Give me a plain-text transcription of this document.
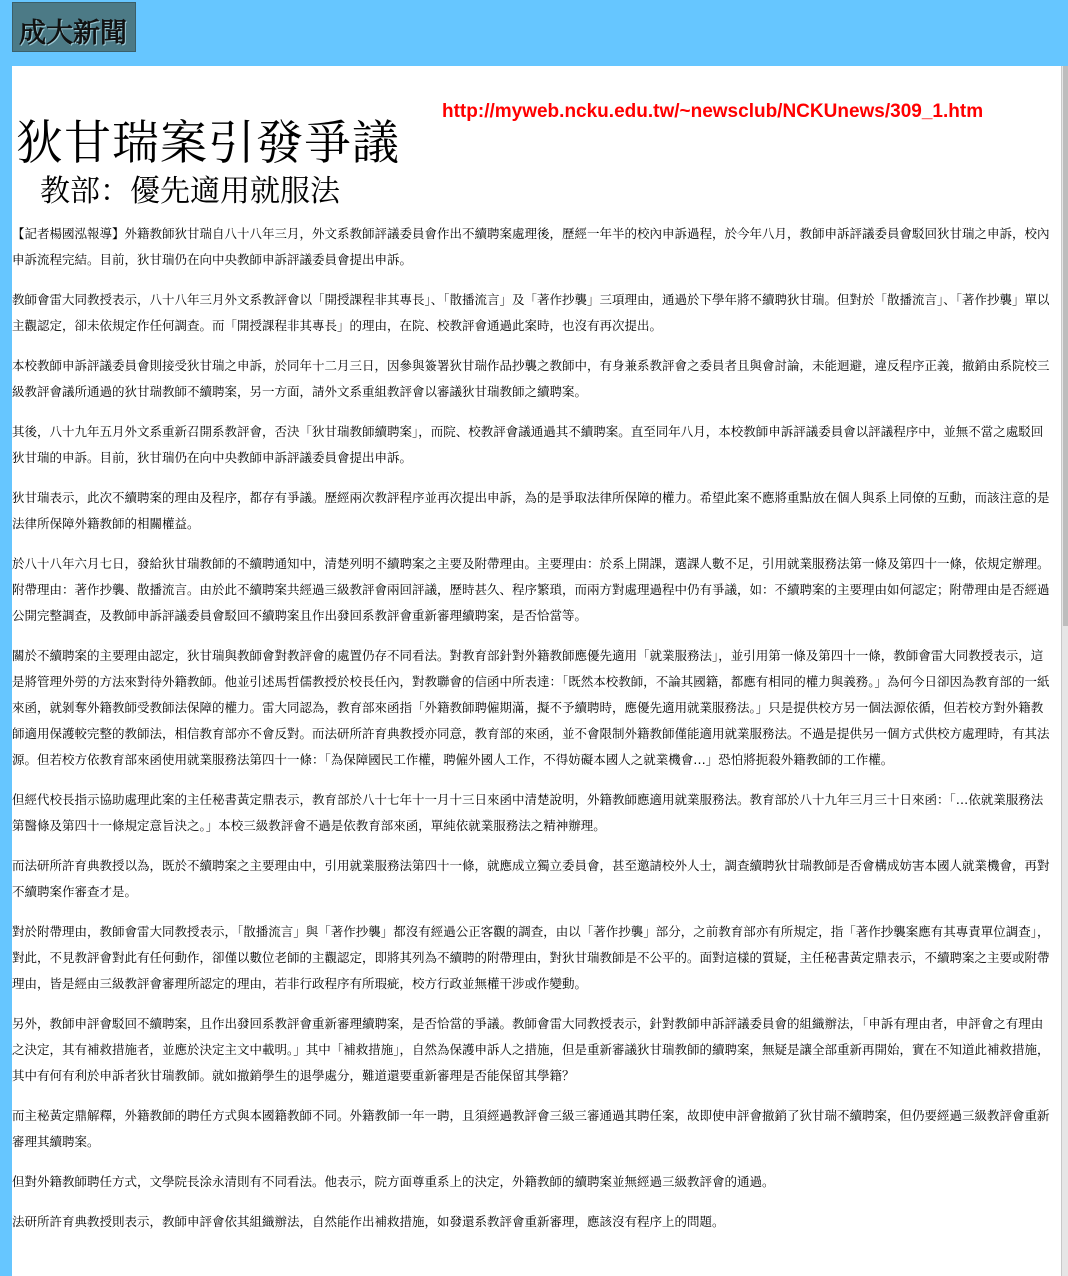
成大新聞
狄甘瑞案引發爭議
教部：優先適用就服法
http://myweb.ncku.edu.tw/~newsclub/NCKUnews/309_1.htm

【記者楊國泓報導】外籍教師狄甘瑞自八十八年三月，外文系教師評議委員會作出不續聘案處理後，歷經一年半的校內申訴過程，於今年八月，教師申訴評議委員會駁回狄甘瑞之申訴，校內申訴流程完結。目前，狄甘瑞仍在向中央教師申訴評議委員會提出申訴。

教師會雷大同教授表示，八十八年三月外文系教評會以「開授課程非其專長」、「散播流言」及「著作抄襲」三項理由，通過於下學年將不續聘狄甘瑞。但對於「散播流言」、「著作抄襲」單以主觀認定，卻未依規定作任何調查。而「開授課程非其專長」的理由，在院、校教評會通過此案時，也沒有再次提出。

本校教師申訴評議委員會則接受狄甘瑞之申訴，於同年十二月三日，因參與簽署狄甘瑞作品抄襲之教師中，有身兼系教評會之委員者且與會討論，未能迴避，違反程序正義，撤銷由系院校三級教評會議所通過的狄甘瑞教師不續聘案，另一方面，請外文系重組教評會以審議狄甘瑞教師之續聘案。

其後，八十九年五月外文系重新召開系教評會，否決「狄甘瑞教師續聘案」，而院、校教評會議通過其不續聘案。直至同年八月，本校教師申訴評議委員會以評議程序中，並無不當之處駁回狄甘瑞的申訴。目前，狄甘瑞仍在向中央教師申訴評議委員會提出申訴。

狄甘瑞表示，此次不續聘案的理由及程序，都存有爭議。歷經兩次教評程序並再次提出申訴，為的是爭取法律所保障的權力。希望此案不應將重點放在個人與系上同僚的互動，而該注意的是法律所保障外籍教師的相關權益。

於八十八年六月七日，發給狄甘瑞教師的不續聘通知中，清楚列明不續聘案之主要及附帶理由。主要理由：於系上開課，選課人數不足，引用就業服務法第一條及第四十一條，依規定辦理。附帶理由：著作抄襲、散播流言。由於此不續聘案共經過三級教評會兩回評議，歷時甚久、程序繁瑣，而兩方對處理過程中仍有爭議，如：不續聘案的主要理由如何認定；附帶理由是否經過公開完整調查，及教師申訴評議委員會駁回不續聘案且作出發回系教評會重新審理續聘案，是否恰當等。

關於不續聘案的主要理由認定，狄甘瑞與教師會對教評會的處置仍存不同看法。對教育部針對外籍教師應優先適用「就業服務法」，並引用第一條及第四十一條，教師會雷大同教授表示，這是將管理外勞的方法來對待外籍教師。他並引述馬哲儒教授於校長任內，對教聯會的信函中所表達：「既然本校教師，不論其國籍，都應有相同的權力與義務。」為何今日卻因為教育部的一紙來函，就剝奪外籍教師受教師法保障的權力。雷大同認為，教育部來函指「外籍教師聘僱期滿，擬不予續聘時，應優先適用就業服務法。」只是提供校方另一個法源依循，但若校方對外籍教師適用保護較完整的教師法，相信教育部亦不會反對。而法研所許育典教授亦同意，教育部的來函，並不會限制外籍教師僅能適用就業服務法。不過是提供另一個方式供校方處理時，有其法源。但若校方依教育部來函使用就業服務法第四十一條：「為保障國民工作權，聘僱外國人工作，不得妨礙本國人之就業機會…」恐怕將扼殺外籍教師的工作權。

但經代校長指示協助處理此案的主任秘書黃定鼎表示，教育部於八十七年十一月十三日來函中清楚說明，外籍教師應適用就業服務法。教育部於八十九年三月三十日來函：「…依就業服務法第醫條及第四十一條規定意旨決之。」本校三級教評會不過是依教育部來函，單純依就業服務法之精神辦理。

而法研所許育典教授以為，既於不續聘案之主要理由中，引用就業服務法第四十一條，就應成立獨立委員會，甚至邀請校外人士，調查續聘狄甘瑞教師是否會構成妨害本國人就業機會，再對不續聘案作審查才是。

對於附帶理由，教師會雷大同教授表示，「散播流言」與「著作抄襲」都沒有經過公正客觀的調查，由以「著作抄襲」部分，之前教育部亦有所規定，指「著作抄襲案應有其專責單位調查」，對此，不見教評會對此有任何動作，卻僅以數位老師的主觀認定，即將其列為不續聘的附帶理由，對狄甘瑞教師是不公平的。面對這樣的質疑，主任秘書黃定鼎表示，不續聘案之主要或附帶理由，皆是經由三級教評會審理所認定的理由，若非行政程序有所瑕疵，校方行政並無權干涉或作變動。

另外，教師申評會駁回不續聘案，且作出發回系教評會重新審理續聘案，是否恰當的爭議。教師會雷大同教授表示，針對教師申訴評議委員會的組織辦法，「申訴有理由者，申評會之有理由之決定，其有補救措施者，並應於決定主文中載明。」其中「補救措施」，自然為保護申訴人之措施，但是重新審議狄甘瑞教師的續聘案，無疑是讓全部重新再開始，實在不知道此補救措施，其中有何有利於申訴者狄甘瑞教師。就如撤銷學生的退學處分，難道還要重新審理是否能保留其學籍？

而主秘黃定鼎解釋，外籍教師的聘任方式與本國籍教師不同。外籍教師一年一聘，且須經過教評會三級三審通過其聘任案，故即使申評會撤銷了狄甘瑞不續聘案，但仍要經過三級教評會重新審理其續聘案。

但對外籍教師聘任方式，文學院長涂永清則有不同看法。他表示，院方面尊重系上的決定，外籍教師的續聘案並無經過三級教評會的通過。

法研所許育典教授則表示，教師申評會依其組織辦法，自然能作出補救措施，如發還系教評會重新審理，應該沒有程序上的問題。
